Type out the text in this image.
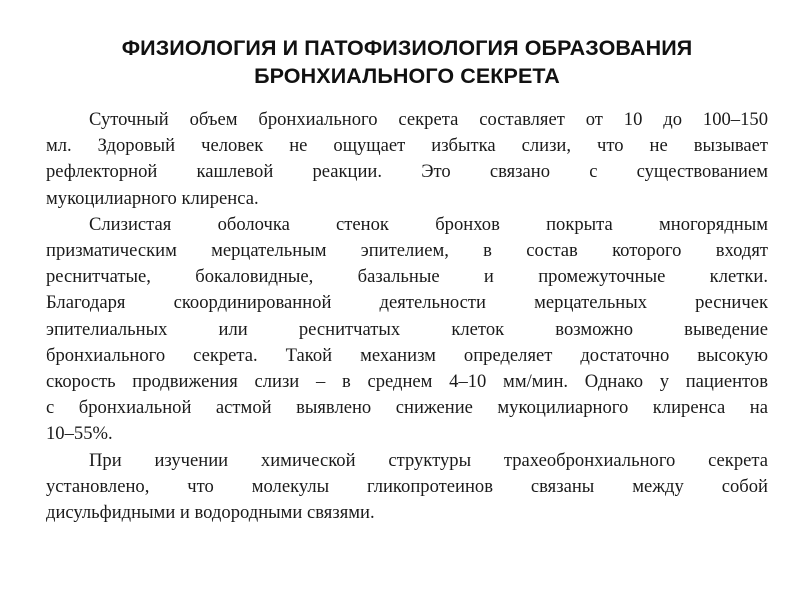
ФИЗИОЛОГИЯ И ПАТОФИЗИОЛОГИЯ ОБРАЗОВАНИЯ
БРОНХИАЛЬНОГО СЕКРЕТА

Суточный объем бронхиального секрета составляет от 10 до 100–150
мл. Здоровый человек не ощущает избытка слизи, что не вызывает
рефлекторной кашлевой реакции. Это связано с существованием
мукоцилиарного клиренса.

Слизистая оболочка стенок бронхов покрыта многорядным
призматическим мерцательным эпителием, в состав которого входят
реснитчатые, бокаловидные, базальные и промежуточные клетки.
Благодаря скоординированной деятельности мерцательных ресничек
эпителиальных или реснитчатых клеток возможно выведение
бронхиального секрета. Такой механизм определяет достаточно высокую
скорость продвижения слизи – в среднем 4–10 мм/мин. Однако у пациентов
с бронхиальной астмой выявлено снижение мукоцилиарного клиренса на
10–55%.

При изучении химической структуры трахеобронхиального секрета
установлено, что молекулы гликопротеинов связаны между собой
дисульфидными и водородными связями.
